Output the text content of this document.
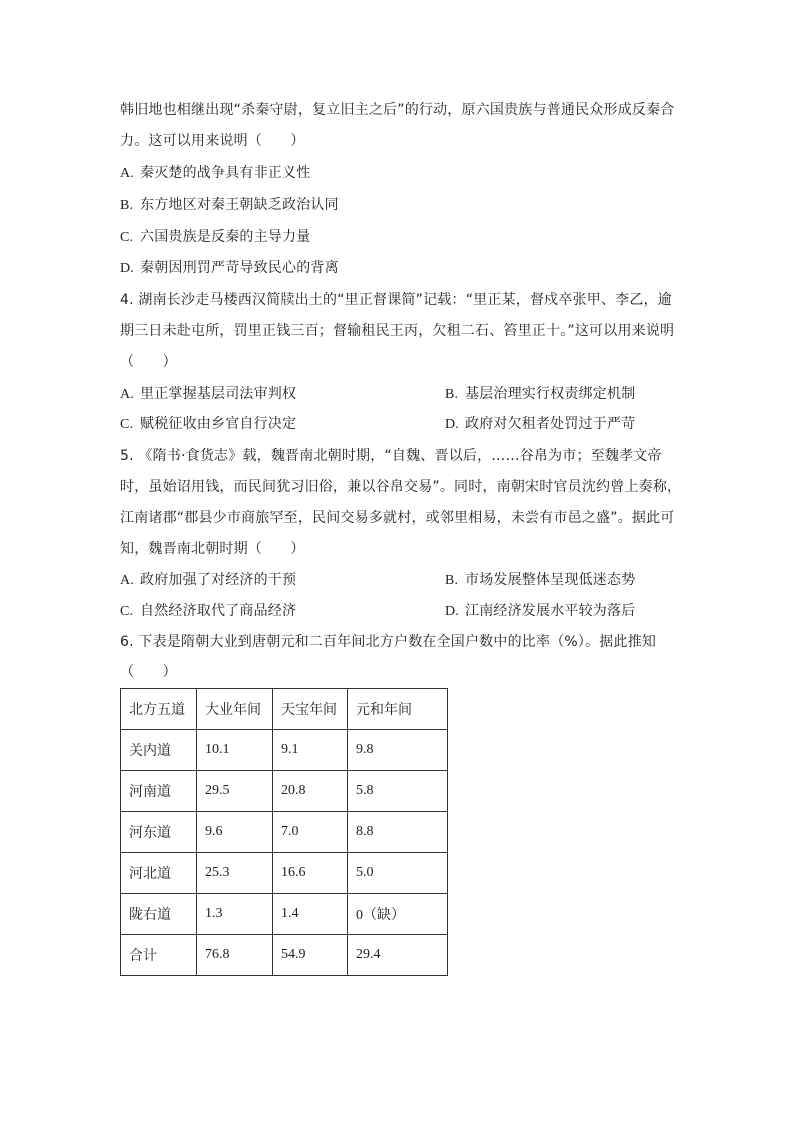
韩旧地也相继出现“杀秦守尉，复立旧主之后”的行动，原六国贵族与普通民众形成反秦合
力。这可以用来说明（　　）
A. 秦灭楚的战争具有非正义性
B. 东方地区对秦王朝缺乏政治认同
C. 六国贵族是反秦的主导力量
D. 秦朝因刑罚严苛导致民心的背离
4. 湖南长沙走马楼西汉简牍出土的“里正督课简”记载：“里正某，督戍卒张甲、李乙，逾
期三日未赴屯所，罚里正钱三百；督输租民王丙，欠租二石、笞里正十。”这可以用来说明
（　　）
A. 里正掌握基层司法审判权	B. 基层治理实行权责绑定机制
C. 赋税征收由乡官自行决定	D. 政府对欠租者处罚过于严苛
5. 《隋书·食货志》载，魏晋南北朝时期，“自魏、晋以后，……谷帛为市；至魏孝文帝
时，虽始诏用钱，而民间犹习旧俗，兼以谷帛交易”。同时，南朝宋时官员沈约曾上奏称，
江南诸郡“郡县少市商旅罕至，民间交易多就村，或邻里相易，未尝有市邑之盛”。据此可
知，魏晋南北朝时期（　　）
A. 政府加强了对经济的干预	B. 市场发展整体呈现低迷态势
C. 自然经济取代了商品经济	D. 江南经济发展水平较为落后
6. 下表是隋朝大业到唐朝元和二百年间北方户数在全国户数中的比率（%）。据此推知
（　　）
北方五道	大业年间	天宝年间	元和年间
关内道	10.1	9.1	9.8
河南道	29.5	20.8	5.8
河东道	9.6	7.0	8.8
河北道	25.3	16.6	5.0
陇右道	1.3	1.4	0（缺）
合计	76.8	54.9	29.4
